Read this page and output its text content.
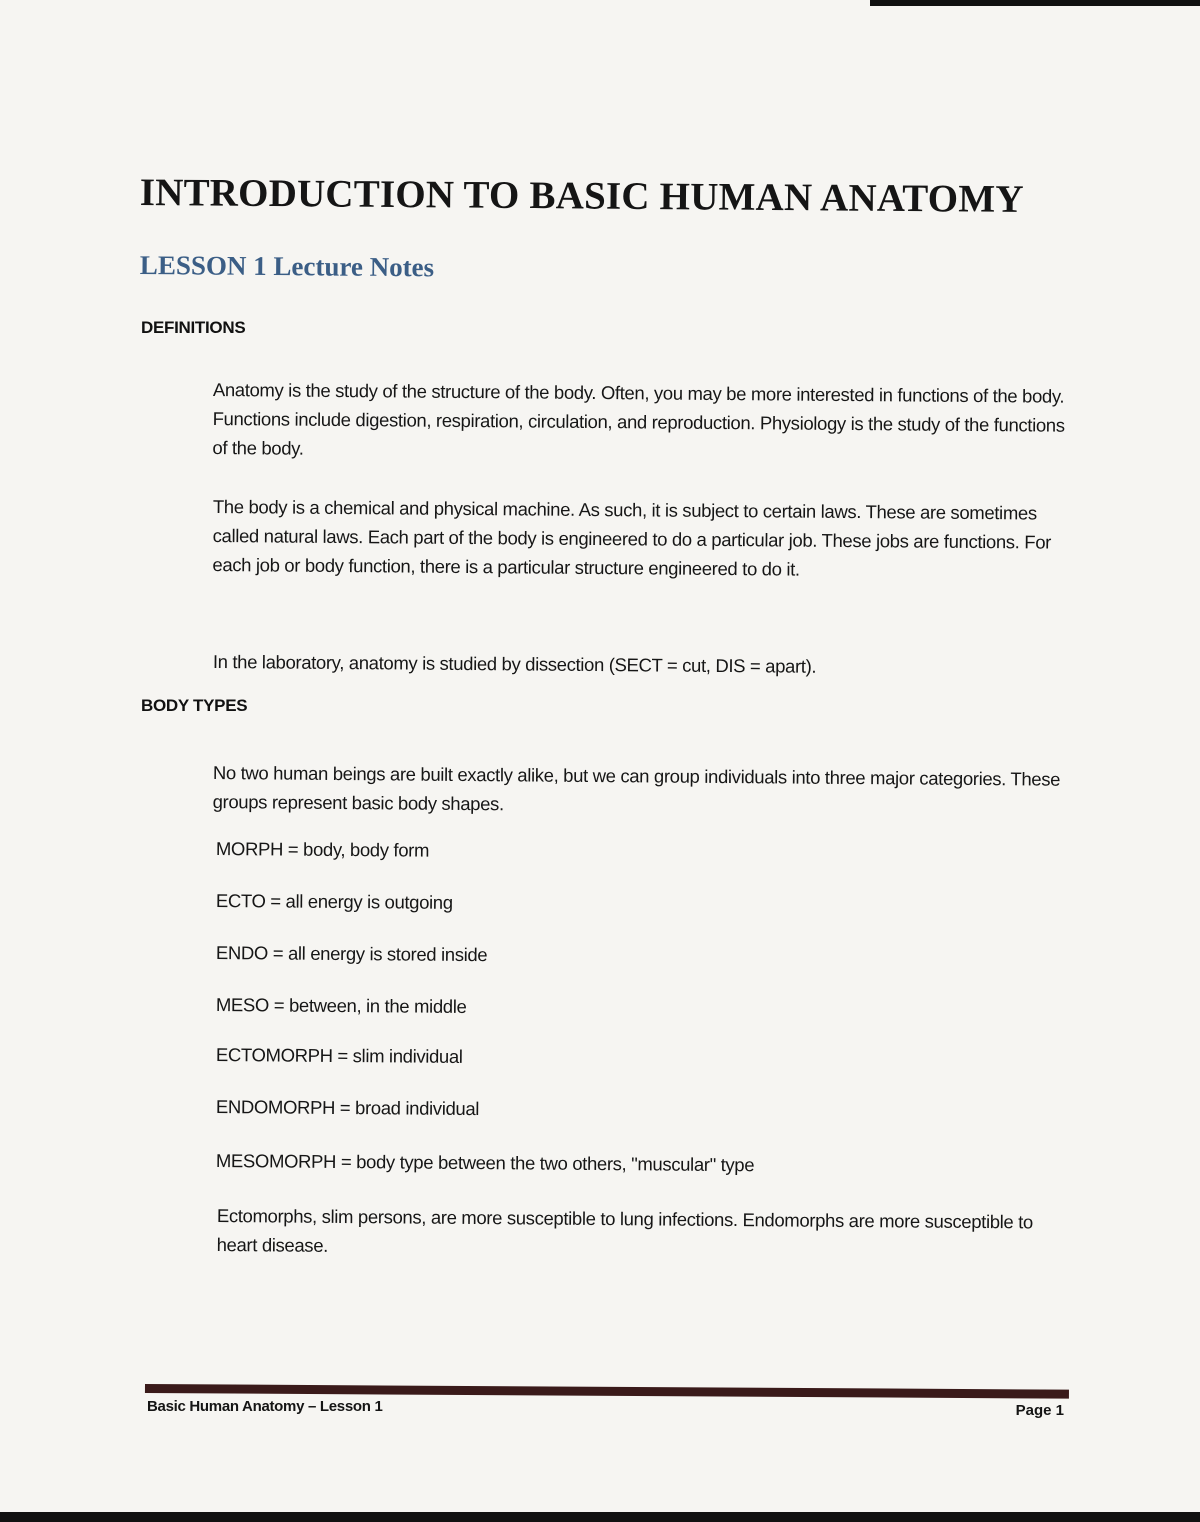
INTRODUCTION TO BASIC HUMAN ANATOMY
LESSON 1 Lecture Notes
DEFINITIONS

Anatomy is the study of the structure of the body. Often, you may be more interested in functions of the body. Functions include digestion, respiration, circulation, and reproduction. Physiology is the study of the functions of the body.

The body is a chemical and physical machine. As such, it is subject to certain laws. These are sometimes called natural laws. Each part of the body is engineered to do a particular job. These jobs are functions. For each job or body function, there is a particular structure engineered to do it.

In the laboratory, anatomy is studied by dissection (SECT = cut, DIS = apart).

BODY TYPES

No two human beings are built exactly alike, but we can group individuals into three major categories. These groups represent basic body shapes.

MORPH = body, body form

ECTO = all energy is outgoing

ENDO = all energy is stored inside

MESO = between, in the middle

ECTOMORPH = slim individual

ENDOMORPH = broad individual

MESOMORPH = body type between the two others, "muscular" type

Ectomorphs, slim persons, are more susceptible to lung infections. Endomorphs are more susceptible to heart disease.

Basic Human Anatomy – Lesson 1	Page 1
